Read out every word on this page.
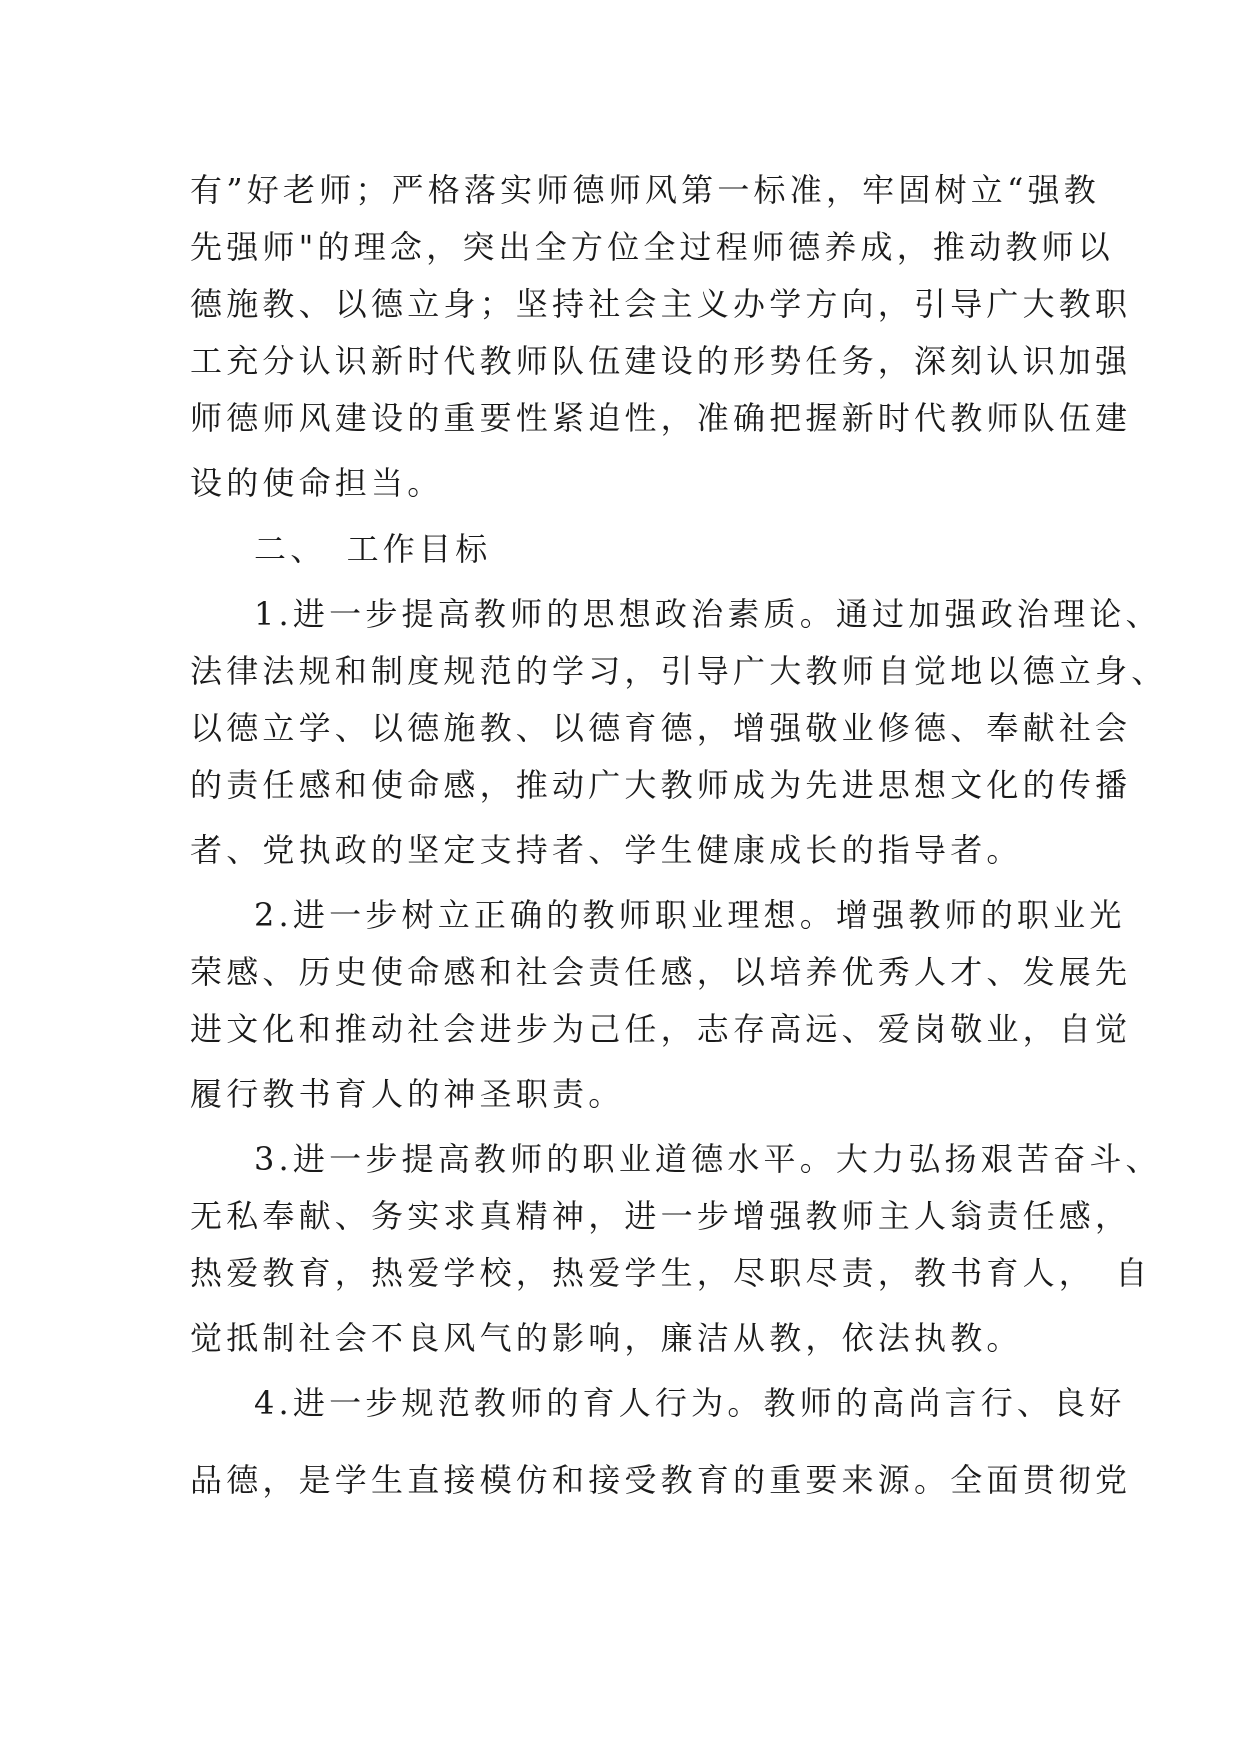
有”好老师；严格落实师德师风第一标准，牢固树立“强教
先强师"的理念，突出全方位全过程师德养成，推动教师以
德施教、以德立身；坚持社会主义办学方向，引导广大教职
工充分认识新时代教师队伍建设的形势任务，深刻认识加强
师德师风建设的重要性紧迫性，准确把握新时代教师队伍建
设的使命担当。
二、　工作目标
1.进一步提高教师的思想政治素质。通过加强政治理论、
法律法规和制度规范的学习，引导广大教师自觉地以德立身、
以德立学、以德施教、以德育德，增强敬业修德、奉献社会
的责任感和使命感，推动广大教师成为先进思想文化的传播
者、党执政的坚定支持者、学生健康成长的指导者。
2.进一步树立正确的教师职业理想。增强教师的职业光
荣感、历史使命感和社会责任感，以培养优秀人才、发展先
进文化和推动社会进步为己任，志存高远、爱岗敬业，自觉
履行教书育人的神圣职责。
3.进一步提高教师的职业道德水平。大力弘扬艰苦奋斗、
无私奉献、务实求真精神，进一步增强教师主人翁责任感，
热爱教育，热爱学校，热爱学生，尽职尽责，教书育人，　自
觉抵制社会不良风气的影响，廉洁从教，依法执教。
4.进一步规范教师的育人行为。教师的高尚言行、良好
品德，是学生直接模仿和接受教育的重要来源。全面贯彻党
